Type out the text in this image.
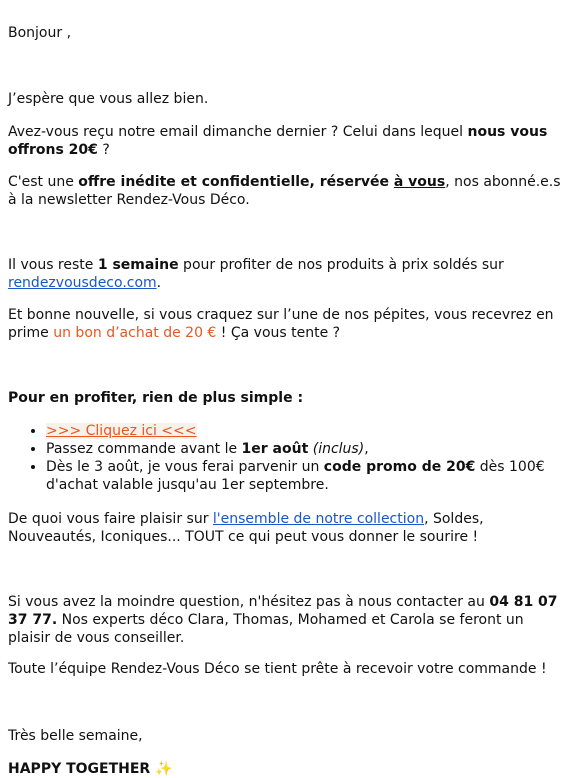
Bonjour ,

J’espère que vous allez bien.

Avez-vous reçu notre email dimanche dernier ? Celui dans lequel nous vous offrons 20€ ?

C'est une offre inédite et confidentielle, réservée à vous, nos abonné.e.s à la newsletter Rendez-Vous Déco.

Il vous reste 1 semaine pour profiter de nos produits à prix soldés sur
rendezvousdeco.com.

Et bonne nouvelle, si vous craquez sur l’une de nos pépites, vous recevrez en prime un bon d’achat de 20 € ! Ça vous tente ?

Pour en profiter, rien de plus simple :

• >>> Cliquez ici <<<
• Passez commande avant le 1er août (inclus),
• Dès le 3 août, je vous ferai parvenir un code promo de 20€ dès 100€ d'achat valable jusqu'au 1er septembre.

De quoi vous faire plaisir sur l'ensemble de notre collection, Soldes, Nouveautés, Iconiques... TOUT ce qui peut vous donner le sourire !

Si vous avez la moindre question, n'hésitez pas à nous contacter au 04 81 07 37 77. Nos experts déco Clara, Thomas, Mohamed et Carola se feront un plaisir de vous conseiller.

Toute l’équipe Rendez-Vous Déco se tient prête à recevoir votre commande !

Très belle semaine,

HAPPY TOGETHER ✨
